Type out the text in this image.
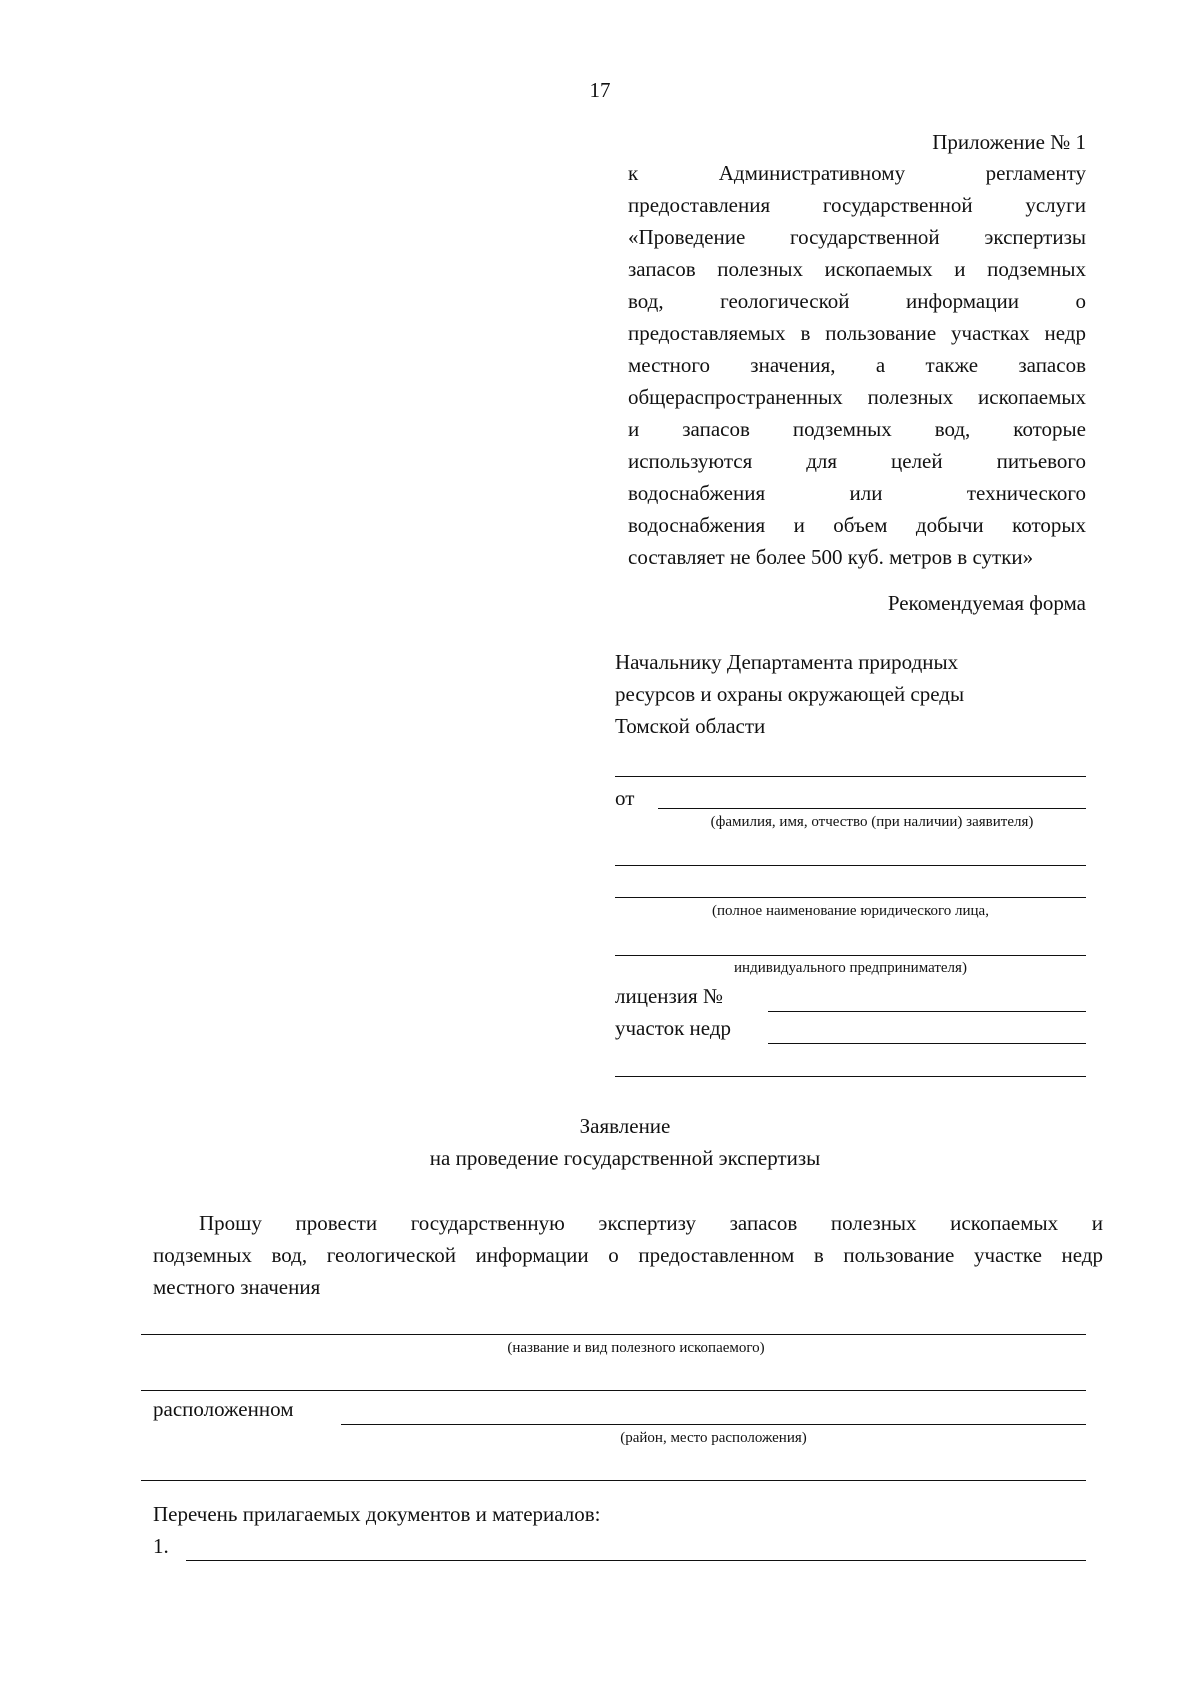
17
Приложение № 1
к Административному регламенту
предоставления государственной услуги
«Проведение государственной экспертизы
запасов полезных ископаемых и подземных
вод, геологической информации о
предоставляемых в пользование участках недр
местного значения, а также запасов
общераспространенных полезных ископаемых
и запасов подземных вод, которые
используются для целей питьевого
водоснабжения или технического
водоснабжения и объем добычи которых
составляет не более 500 куб. метров в сутки»
Рекомендуемая форма
Начальнику Департамента природных
ресурсов и охраны окружающей среды
Томской области
от
(фамилия, имя, отчество (при наличии) заявителя)
(полное наименование юридического лица,
индивидуального предпринимателя)
лицензия №
участок недр
Заявление
на проведение государственной экспертизы
Прошу провести государственную экспертизу запасов полезных ископаемых и
подземных вод, геологической информации о предоставленном в пользование участке недр
местного значения
(название и вид полезного ископаемого)
расположенном
(район, место расположения)
Перечень прилагаемых документов и материалов:
1.
